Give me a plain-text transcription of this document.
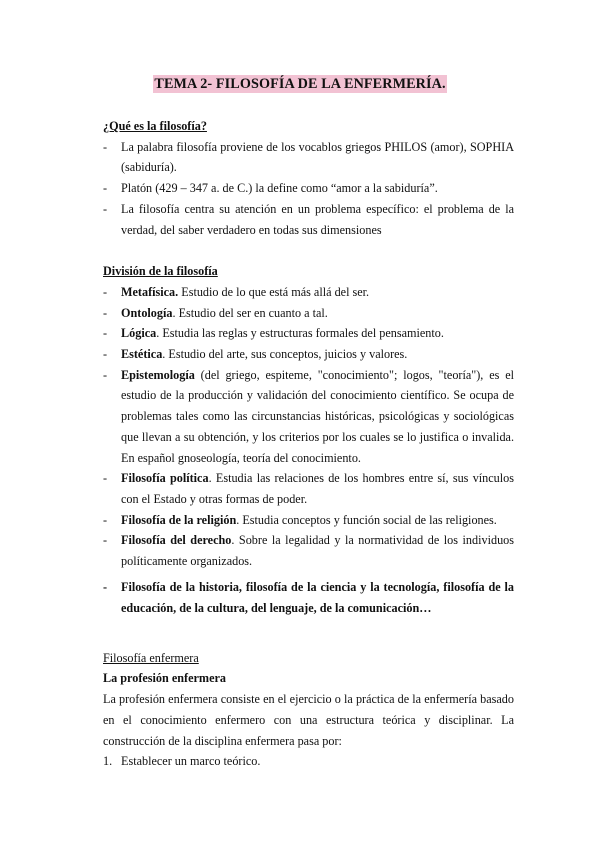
TEMA 2- FILOSOFÍA DE LA ENFERMERÍA.
¿Qué es la filosofía?
- La palabra filosofía proviene de los vocablos griegos PHILOS (amor), SOPHIA (sabiduría).
- Platón (429 – 347 a. de C.) la define como “amor a la sabiduría”.
- La filosofía centra su atención en un problema específico: el problema de la verdad, del saber verdadero en todas sus dimensiones
División de la filosofía
- Metafísica. Estudio de lo que está más allá del ser.
- Ontología. Estudio del ser en cuanto a tal.
- Lógica. Estudia las reglas y estructuras formales del pensamiento.
- Estética. Estudio del arte, sus conceptos, juicios y valores.
- Epistemología (del griego, espiteme, "conocimiento"; logos, "teoría"), es el estudio de la producción y validación del conocimiento científico. Se ocupa de problemas tales como las circunstancias históricas, psicológicas y sociológicas que llevan a su obtención, y los criterios por los cuales se lo justifica o invalida. En español gnoseología, teoría del conocimiento.
- Filosofía política. Estudia las relaciones de los hombres entre sí, sus vínculos con el Estado y otras formas de poder.
- Filosofía de la religión. Estudia conceptos y función social de las religiones.
- Filosofía del derecho. Sobre la legalidad y la normatividad de los individuos políticamente organizados.
- Filosofía de la historia, filosofía de la ciencia y la tecnología, filosofía de la educación, de la cultura, del lenguaje, de la comunicación…
Filosofía enfermera
La profesión enfermera

La profesión enfermera consiste en el ejercicio o la práctica de la enfermería basado en el conocimiento enfermero con una estructura teórica y disciplinar. La construcción de la disciplina enfermera pasa por:

1. Establecer un marco teórico.
